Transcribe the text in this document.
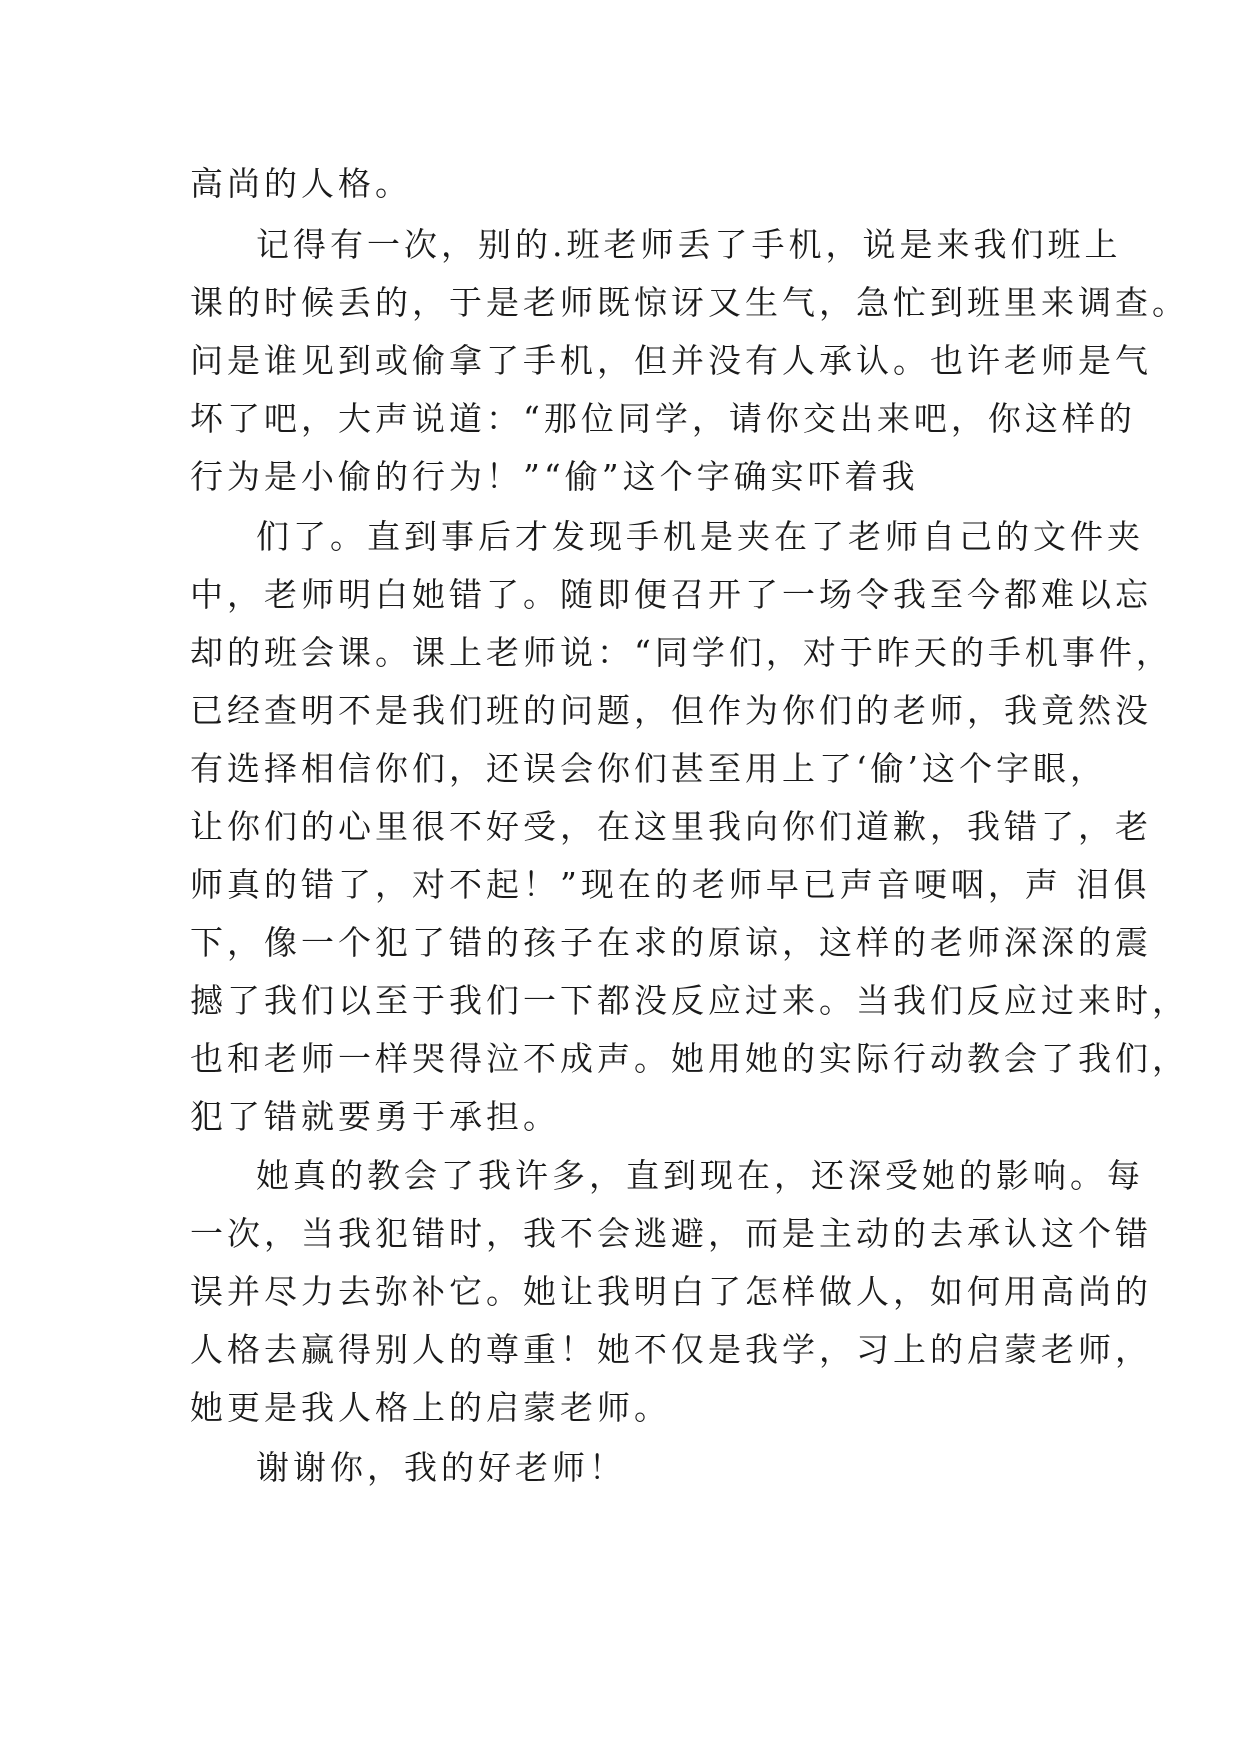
高尚的人格。
记得有一次，别的.班老师丢了手机，说是来我们班上
课的时候丢的，于是老师既惊讶又生气，急忙到班里来调查。
问是谁见到或偷拿了手机，但并没有人承认。也许老师是气
坏了吧，大声说道：“那位同学，请你交出来吧，你这样的
行为是小偷的行为！”“偷”这个字确实吓着我
们了。直到事后才发现手机是夹在了老师自己的文件夹
中，老师明白她错了。随即便召开了一场令我至今都难以忘
却的班会课。课上老师说：“同学们，对于昨天的手机事件，
已经查明不是我们班的问题，但作为你们的老师，我竟然没
有选择相信你们，还误会你们甚至用上了‘偷’这个字眼，
让你们的心里很不好受，在这里我向你们道歉，我错了，老
师真的错了，对不起！”现在的老师早已声音哽咽，声 泪俱
下，像一个犯了错的孩子在求的原谅，这样的老师深深的震
撼了我们以至于我们一下都没反应过来。当我们反应过来时，
也和老师一样哭得泣不成声。她用她的实际行动教会了我们，
犯了错就要勇于承担。
她真的教会了我许多，直到现在，还深受她的影响。每
一次，当我犯错时，我不会逃避，而是主动的去承认这个错
误并尽力去弥补它。她让我明白了怎样做人，如何用高尚的
人格去赢得别人的尊重！她不仅是我学，习上的启蒙老师，
她更是我人格上的启蒙老师。
谢谢你，我的好老师！
